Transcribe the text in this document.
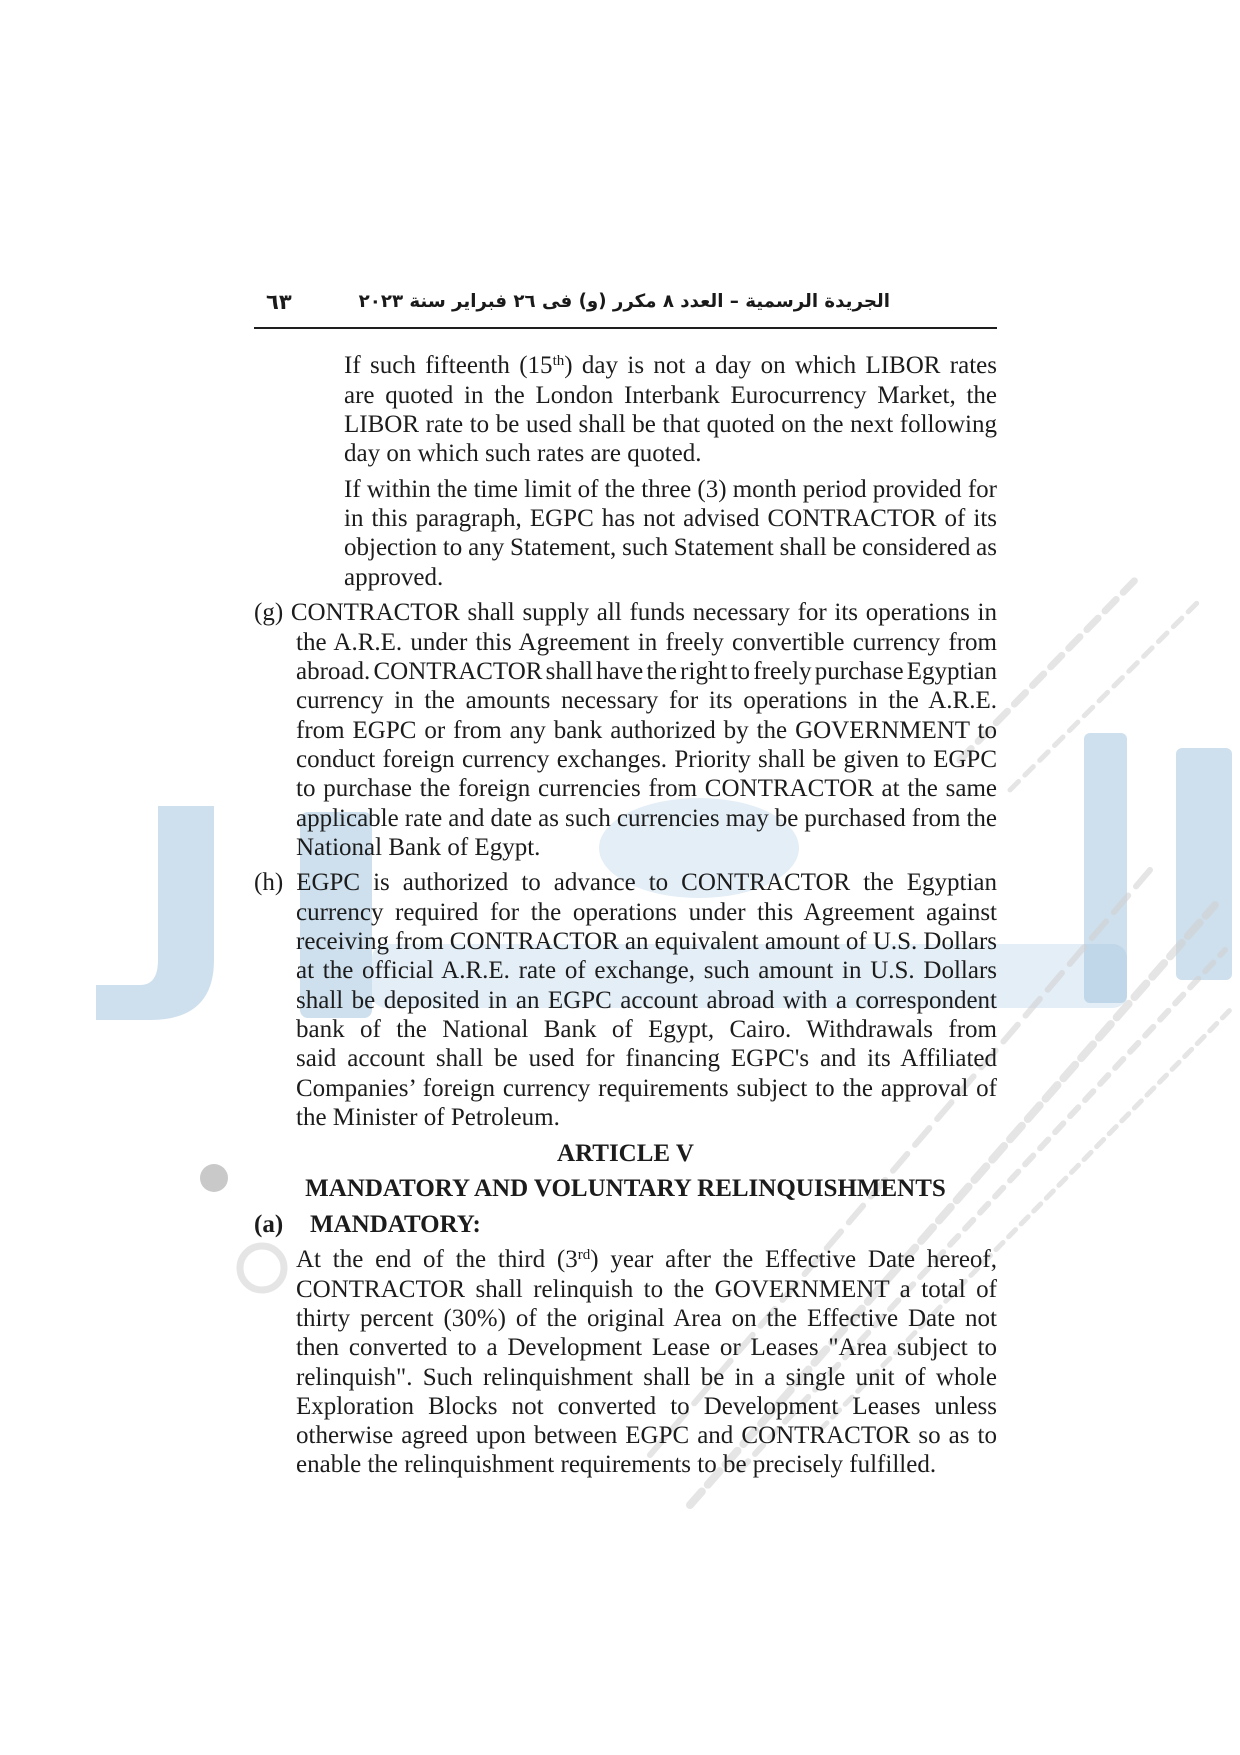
الجريدة الرسمية – العدد ٨ مكرر (و) فى ٢٦ فبراير سنة ٢٠٢٣
٦٣
If such fifteenth (15th) day is not a day on which LIBOR rates
are quoted in the London Interbank Eurocurrency Market, the
LIBOR rate to be used shall be that quoted on the next following
day on which such rates are quoted.
If within the time limit of the three (3) month period provided for
in this paragraph, EGPC has not advised CONTRACTOR of its
objection to any Statement, such Statement shall be considered as
approved.
(g) CONTRACTOR shall supply all funds necessary for its operations in
the A.R.E. under this Agreement in freely convertible currency from
abroad. CONTRACTOR shall have the right to freely purchase Egyptian
currency in the amounts necessary for its operations in the A.R.E.
from EGPC or from any bank authorized by the GOVERNMENT to
conduct foreign currency exchanges. Priority shall be given to EGPC
to purchase the foreign currencies from CONTRACTOR at the same
applicable rate and date as such currencies may be purchased from the
National Bank of Egypt.
(h) EGPC is authorized to advance to CONTRACTOR the Egyptian
currency required for the operations under this Agreement against
receiving from CONTRACTOR an equivalent amount of U.S. Dollars
at the official A.R.E. rate of exchange, such amount in U.S. Dollars
shall be deposited in an EGPC account abroad with a correspondent
bank of the National Bank of Egypt, Cairo. Withdrawals from
said account shall be used for financing EGPC's and its Affiliated
Companies’ foreign currency requirements subject to the approval of
the Minister of Petroleum.
ARTICLE V
MANDATORY AND VOLUNTARY RELINQUISHMENTS
(a) MANDATORY:
At the end of the third (3rd) year after the Effective Date hereof,
CONTRACTOR shall relinquish to the GOVERNMENT a total of
thirty percent (30%) of the original Area on the Effective Date not
then converted to a Development Lease or Leases "Area subject to
relinquish". Such relinquishment shall be in a single unit of whole
Exploration Blocks not converted to Development Leases unless
otherwise agreed upon between EGPC and CONTRACTOR so as to
enable the relinquishment requirements to be precisely fulfilled.
